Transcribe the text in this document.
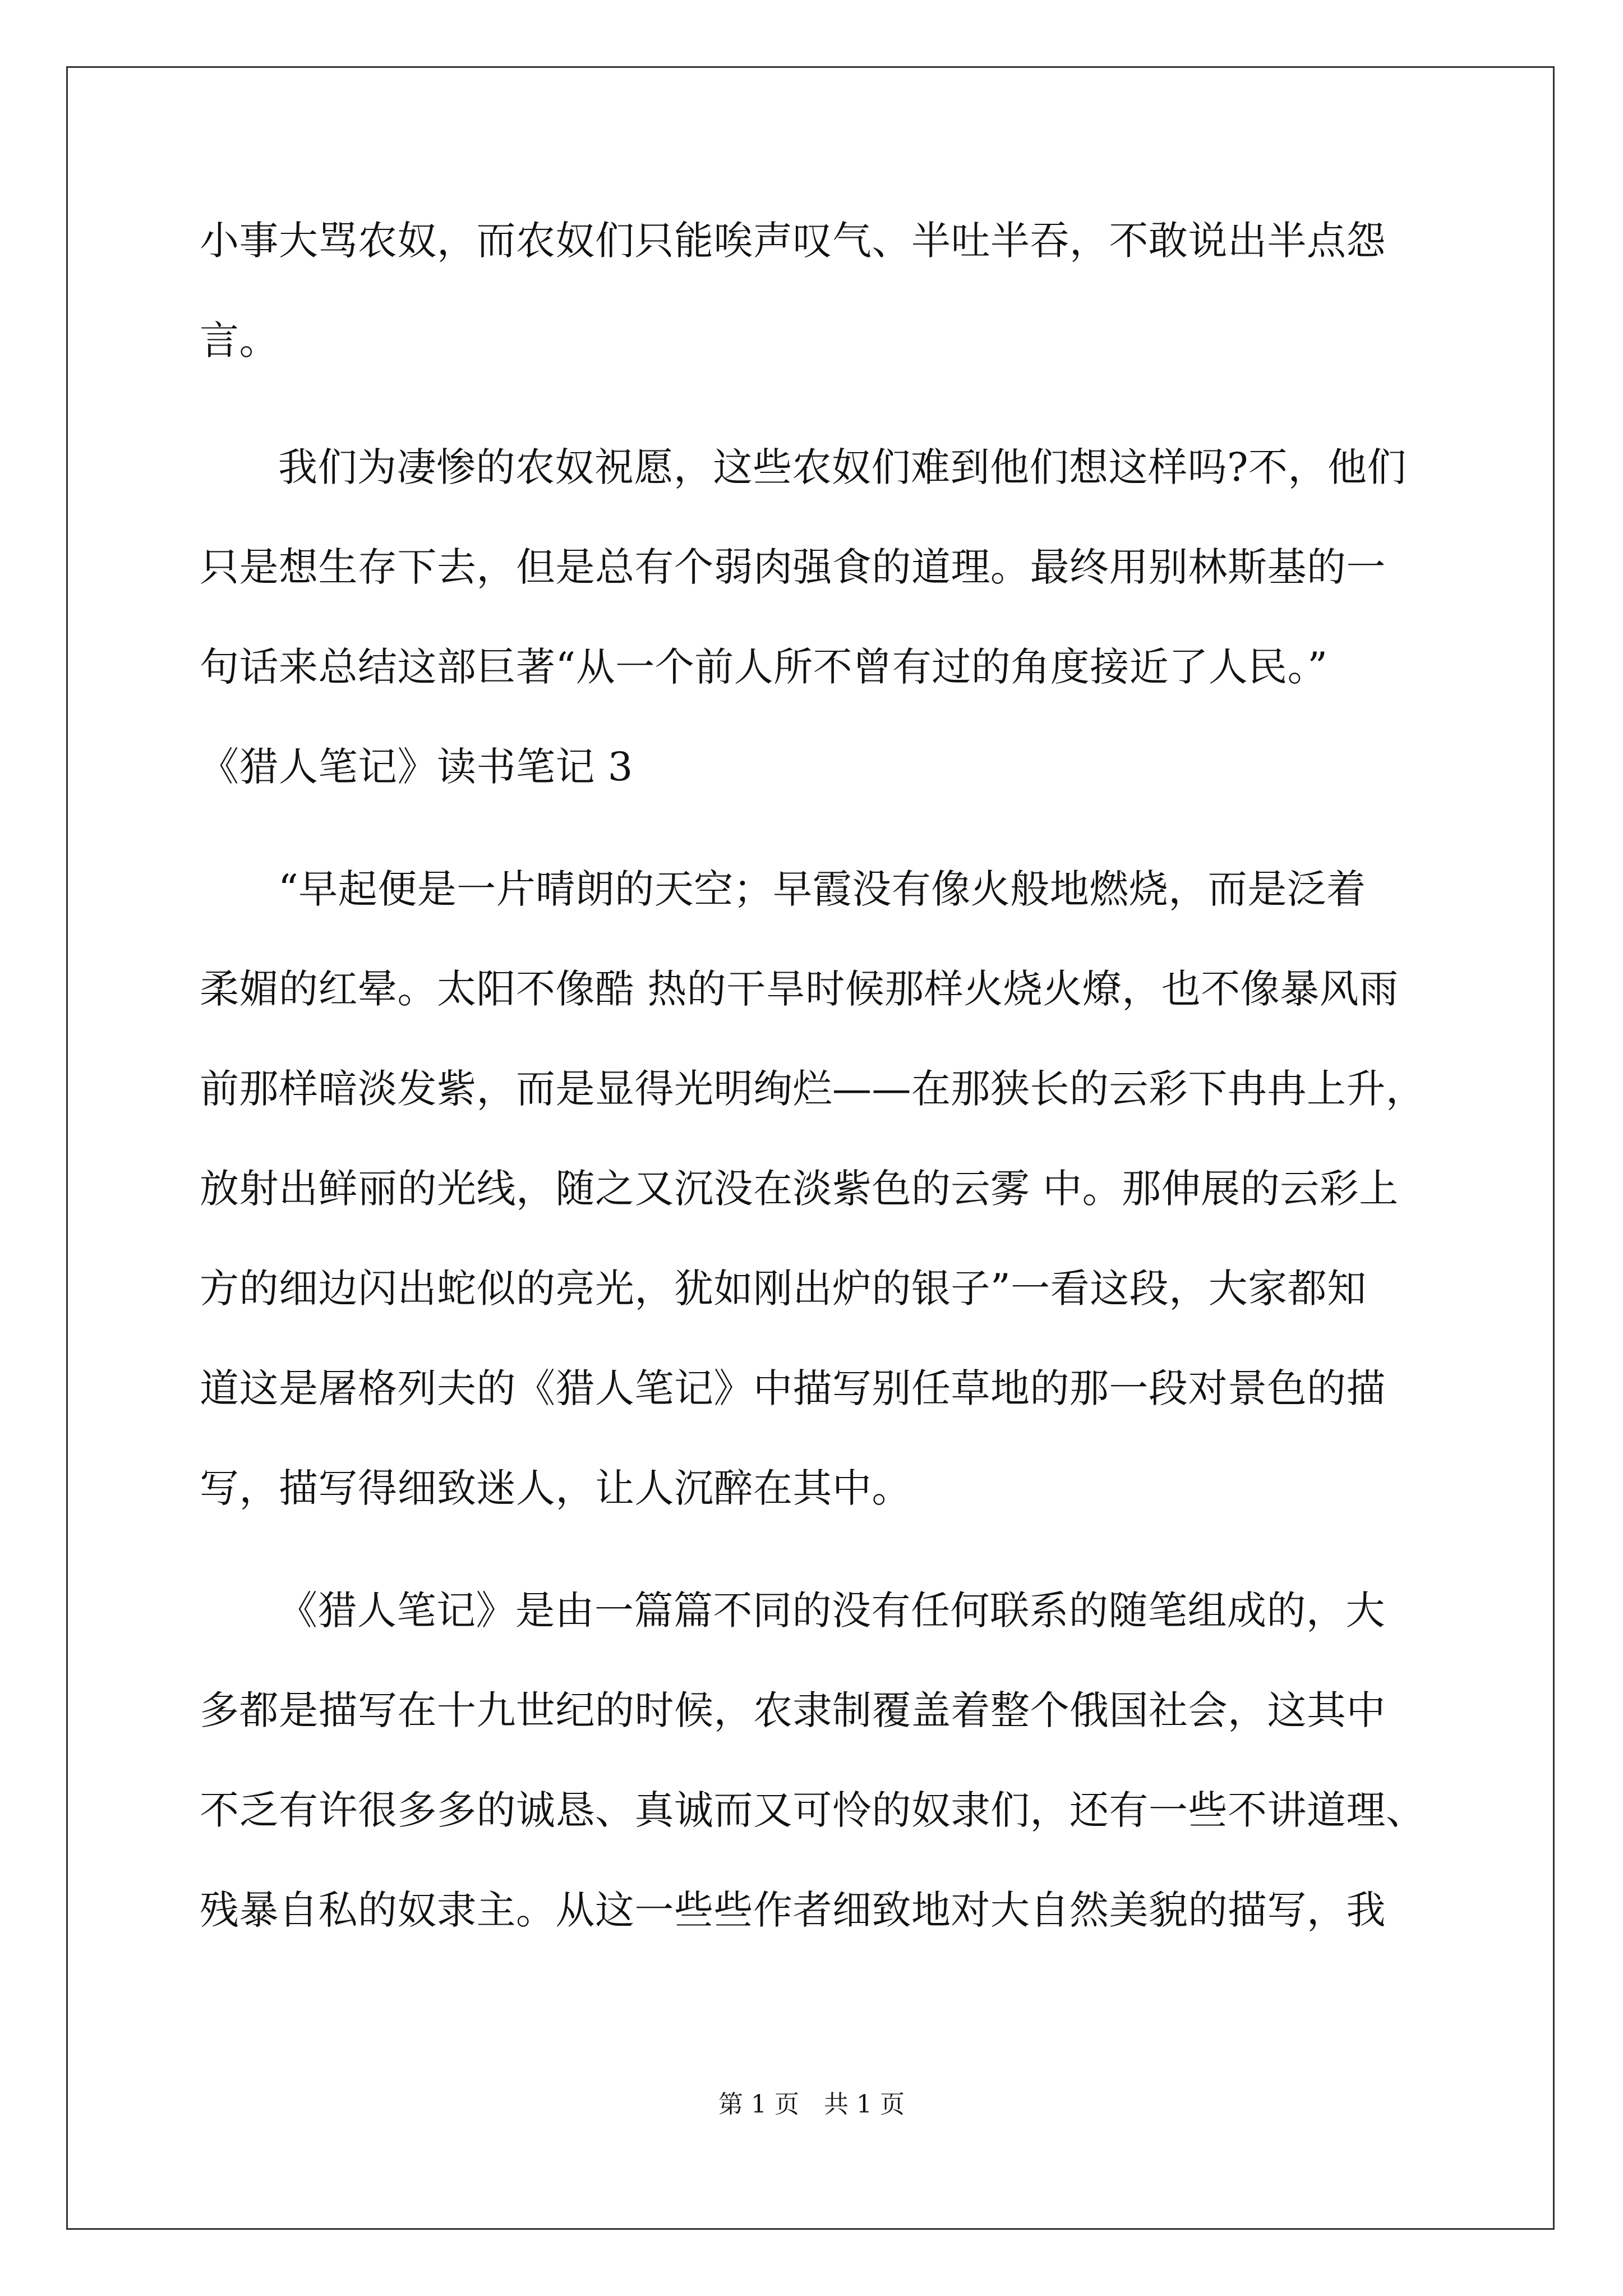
小事大骂农奴，而农奴们只能唉声叹气、半吐半吞，不敢说出半点怨
言。
我们为凄惨的农奴祝愿，这些农奴们难到他们想这样吗?不，他们
只是想生存下去，但是总有个弱肉强食的道理。最终用别林斯基的一
句话来总结这部巨著“从一个前人所不曾有过的角度接近了人民。”
《猎人笔记》读书笔记 3
“早起便是一片晴朗的天空；早霞没有像火般地燃烧，而是泛着
柔媚的红晕。太阳不像酷 热的干旱时候那样火烧火燎，也不像暴风雨
前那样暗淡发紫，而是显得光明绚烂——在那狭长的云彩下冉冉上升，
放射出鲜丽的光线，随之又沉没在淡紫色的云雾 中。那伸展的云彩上
方的细边闪出蛇似的亮光，犹如刚出炉的银子”一看这段，大家都知
道这是屠格列夫的《猎人笔记》中描写别任草地的那一段对景色的描
写，描写得细致迷人，让人沉醉在其中。
《猎人笔记》是由一篇篇不同的没有任何联系的随笔组成的，大
多都是描写在十九世纪的时候，农隶制覆盖着整个俄国社会，这其中
不乏有许很多多的诚恳、真诚而又可怜的奴隶们，还有一些不讲道理、
残暴自私的奴隶主。从这一些些作者细致地对大自然美貌的描写，我
第 1 页　共 1 页
